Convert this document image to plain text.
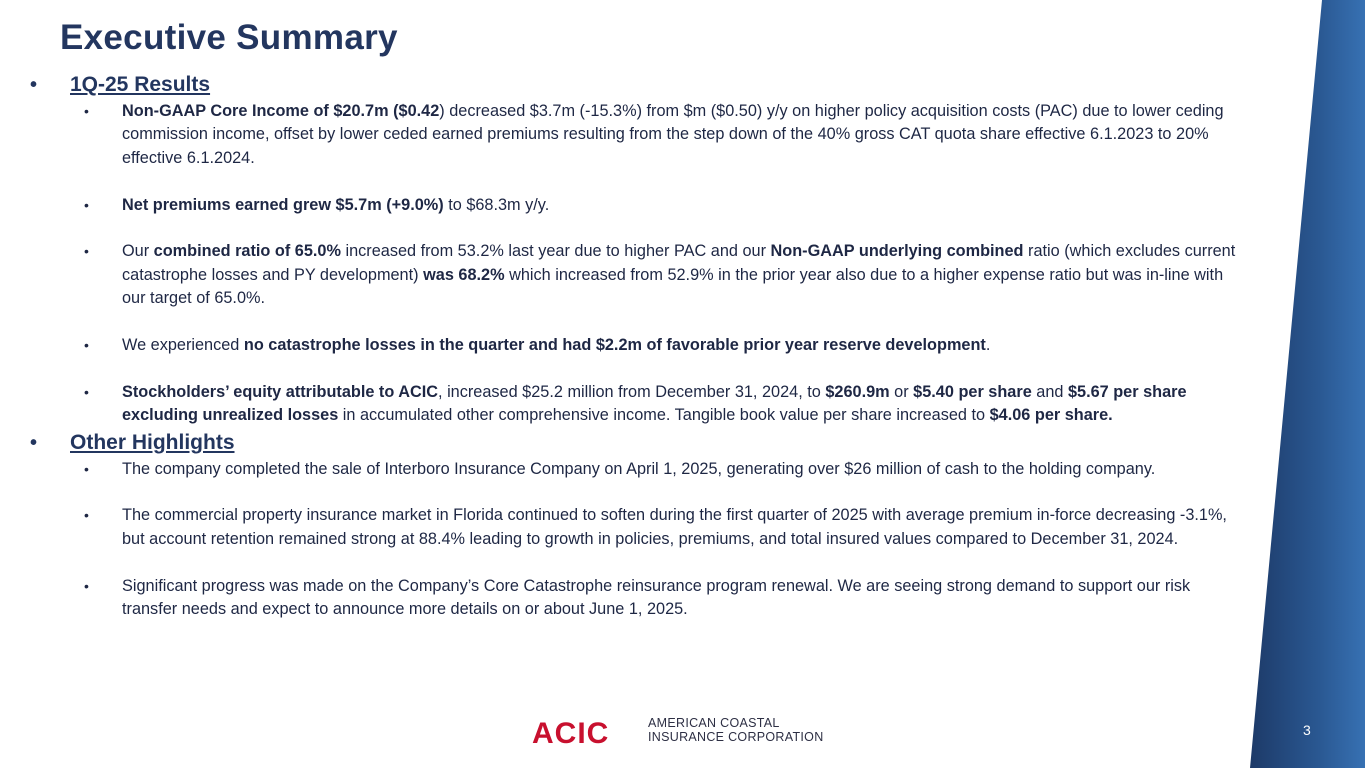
Executive Summary
• 1Q-25 Results
• Non-GAAP Core Income of $20.7m ($0.42) decreased $3.7m (-15.3%) from $m ($0.50) y/y on higher policy acquisition costs (PAC) due to lower ceding commission income, offset by lower ceded earned premiums resulting from the step down of the 40% gross CAT quota share effective 6.1.2023 to 20% effective 6.1.2024.
• Net premiums earned grew $5.7m (+9.0%) to $68.3m y/y.
• Our combined ratio of 65.0% increased from 53.2% last year due to higher PAC and our Non-GAAP underlying combined ratio (which excludes current catastrophe losses and PY development) was 68.2% which increased from 52.9% in the prior year also due to a higher expense ratio but was in-line with our target of 65.0%.
• We experienced no catastrophe losses in the quarter and had $2.2m of favorable prior year reserve development.
• Stockholders’ equity attributable to ACIC, increased $25.2 million from December 31, 2024, to $260.9m or $5.40 per share and $5.67 per share excluding unrealized losses in accumulated other comprehensive income. Tangible book value per share increased to $4.06 per share.
• Other Highlights
• The company completed the sale of Interboro Insurance Company on April 1, 2025, generating over $26 million of cash to the holding company.
• The commercial property insurance market in Florida continued to soften during the first quarter of 2025 with average premium in-force decreasing -3.1%, but account retention remained strong at 88.4% leading to growth in policies, premiums, and total insured values compared to December 31, 2024.
• Significant progress was made on the Company’s Core Catastrophe reinsurance program renewal. We are seeing strong demand to support our risk transfer needs and expect to announce more details on or about June 1, 2025.
ACIC	AMERICAN COASTAL
INSURANCE CORPORATION	3
